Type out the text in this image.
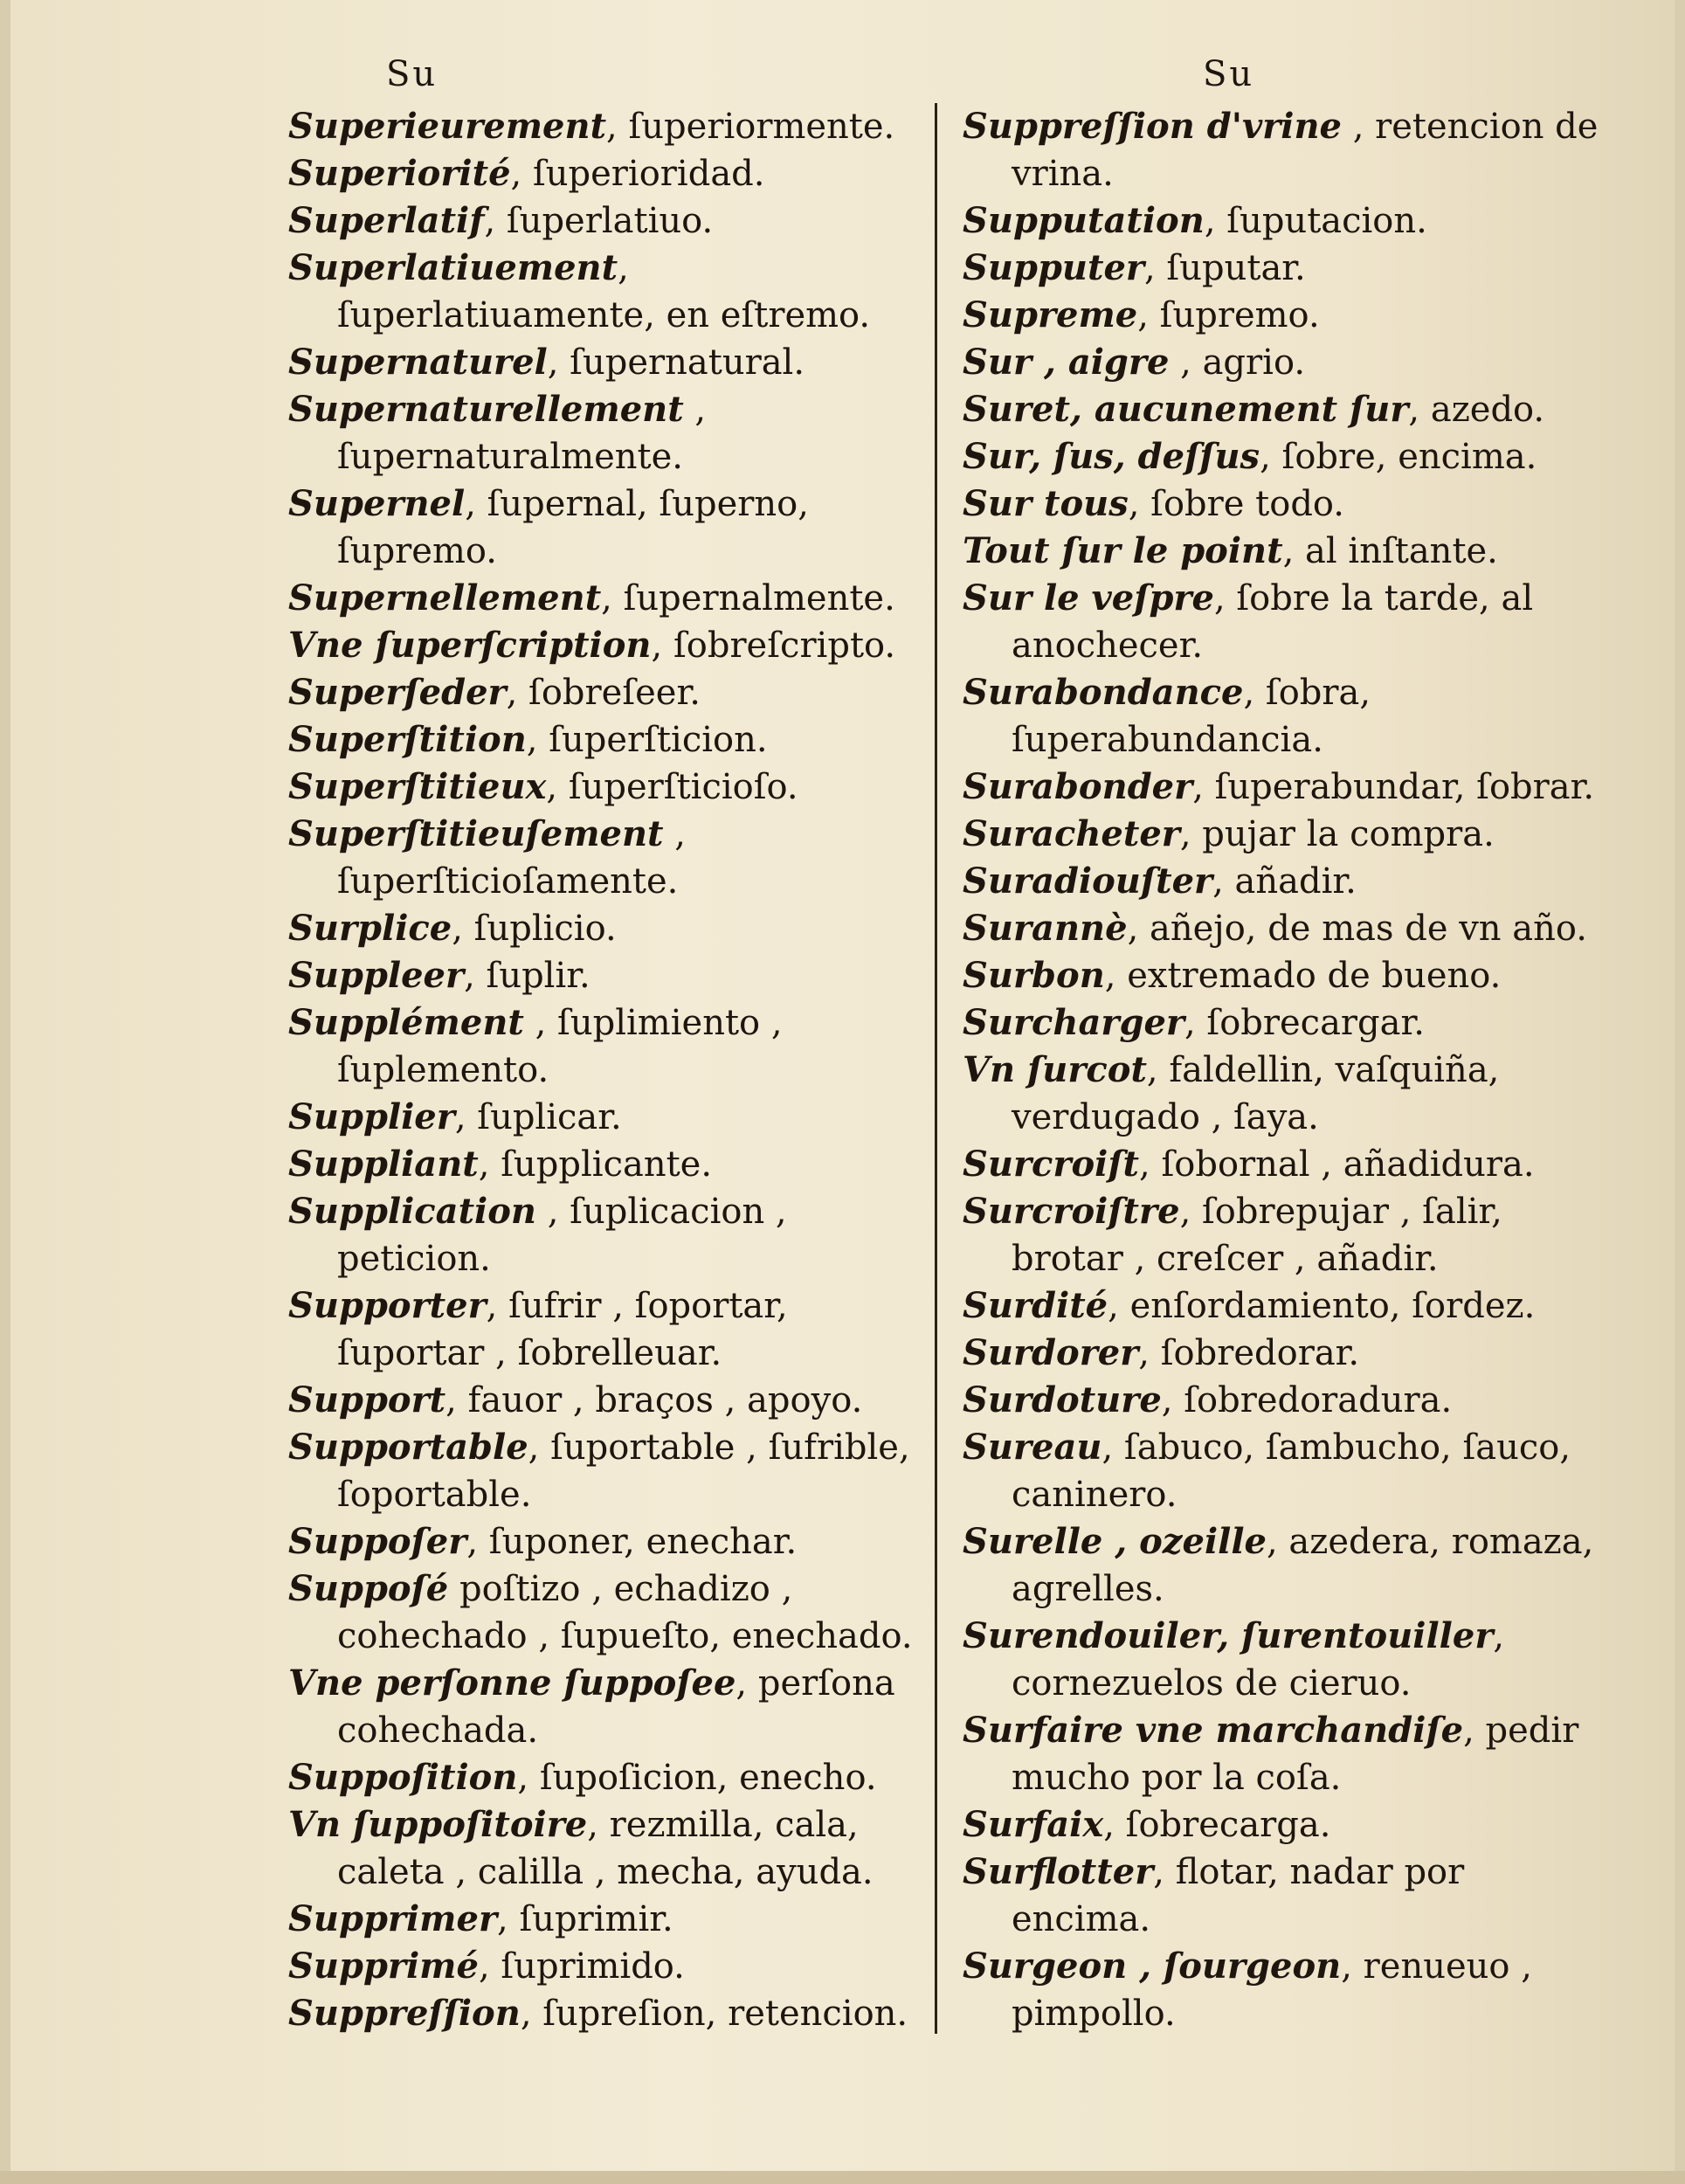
Su	Su

Superieurement, ſuperiormente.

Superiorité, ſuperioridad.

Superlatif, ſuperlatiuo.

Superlatiuement, ſuperlatiuamente, en eſtremo.

Supernaturel, ſupernatural.

Supernaturellement , ſupernaturalmente.

Supernel, ſupernal, ſuperno, ſupremo.

Supernellement, ſupernalmente.

Vne ſuperſcription, ſobreſcripto.

Superſeder, ſobreſeer.

Superſtition, ſuperſticion.

Superſtitieux, ſuperſticioſo.

Superſtitieuſement , ſuperſticioſamente.

Surplice, ſuplicio.

Suppleer, ſuplir.

Supplément , ſuplimiento , ſuplemento.

Supplier, ſuplicar.

Suppliant, ſupplicante.

Supplication , ſuplicacion , peticion.

Supporter, ſufrir , ſoportar, ſuportar , ſobrelleuar.

Support, fauor , braços , apoyo.

Supportable, ſuportable , ſufrible, ſoportable.

Suppoſer, ſuponer, enechar.

Suppoſé poſtizo , echadizo , cohechado , ſupueſto, enechado.

Vne perſonne ſuppoſee, perſona cohechada.

Suppoſition, ſupoſicion, enecho.

Vn ſuppoſitoire, rezmilla, cala, caleta , calilla , mecha, ayuda.

Supprimer, ſuprimir.

Supprimé, ſuprimido.

Suppreſſion, ſupreſion, retencion.

Suppreſſion d'vrine , retencion de vrina.

Supputation, ſuputacion.

Supputer, ſuputar.

Supreme, ſupremo.

Sur , aigre , agrio.

Suret, aucunement ſur, azedo.

Sur, ſus, deſſus, ſobre, encima.

Sur tous, ſobre todo.

Tout ſur le point, al inſtante.

Sur le veſpre, ſobre la tarde, al anochecer.

Surabondance, ſobra, ſuperabundancia.

Surabonder, ſuperabundar, ſobrar.

Suracheter, pujar la compra.

Suradiouſter, añadir.

Surannè, añejo, de mas de vn año.

Surbon, extremado de bueno.

Surcharger, ſobrecargar.

Vn ſurcot, faldellin, vaſquiña, verdugado , ſaya.

Surcroiſt, ſobornal , añadidura.

Surcroiſtre, ſobrepujar , ſalir, brotar , creſcer , añadir.

Surdité, enſordamiento, ſordez.

Surdorer, ſobredorar.

Surdoture, ſobredoradura.

Sureau, ſabuco, ſambucho, ſauco, caninero.

Surelle , ozeille, azedera, romaza, agrelles.

Surendouiler, ſurentouiller, cornezuelos de cieruo.

Surfaire vne marchandiſe, pedir mucho por la coſa.

Surfaix, ſobrecarga.

Surflotter, flotar, nadar por encima.

Surgeon , ſourgeon, renueuo , pimpollo.
